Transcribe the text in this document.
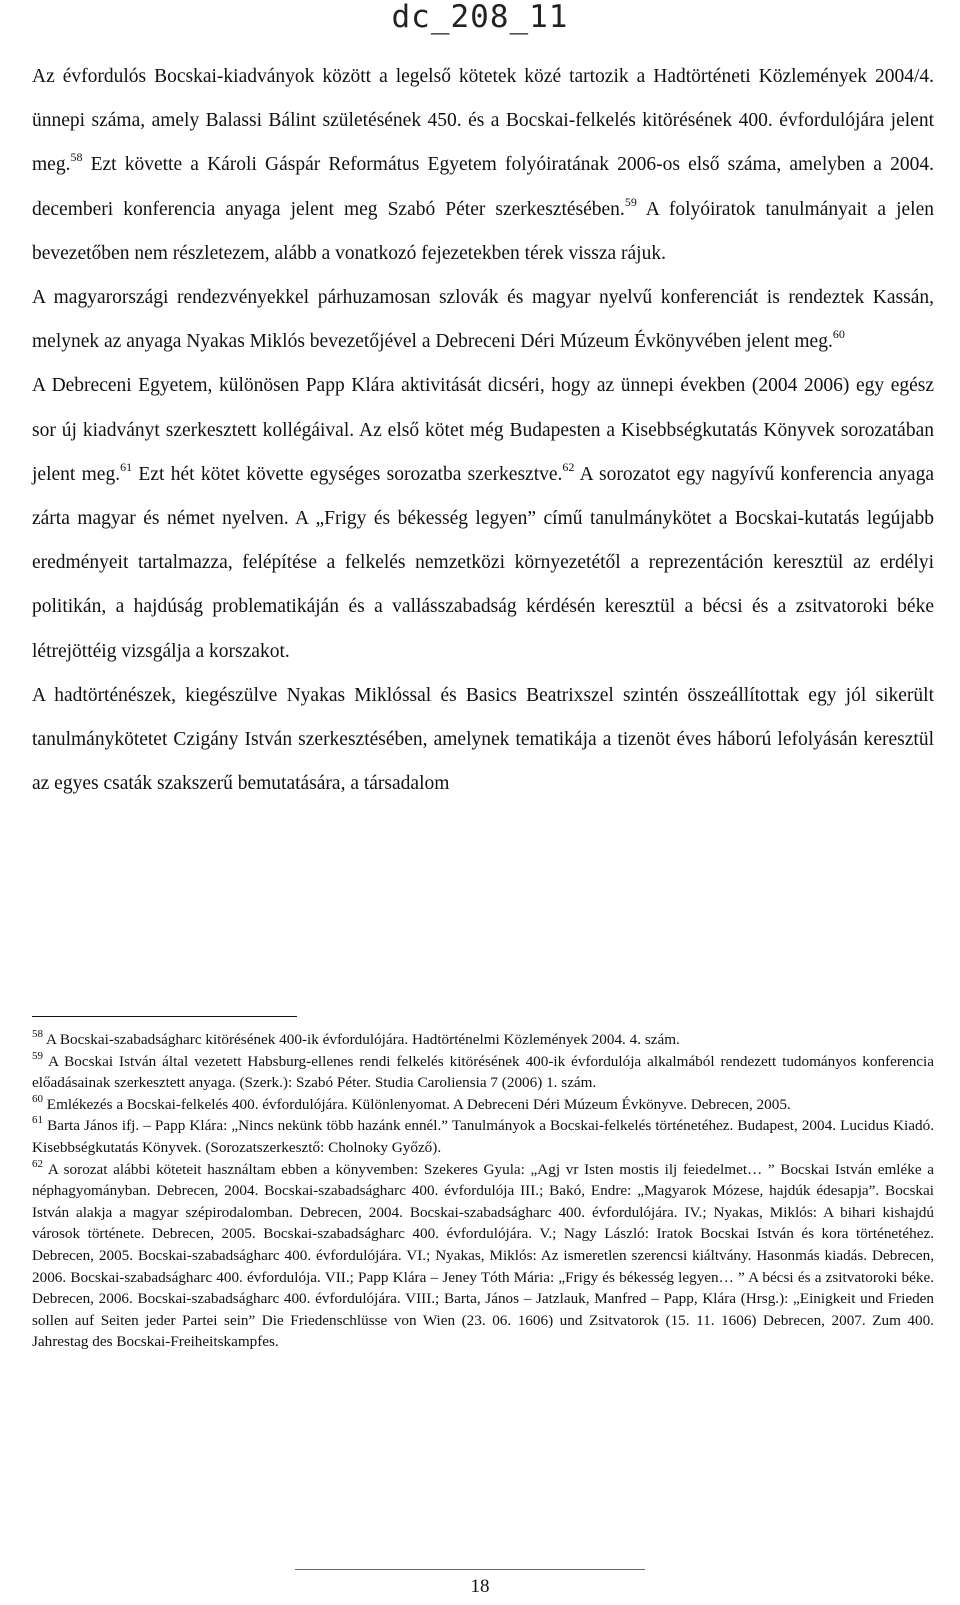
dc_208_11

Az évfordulós Bocskai-kiadványok között a legelső kötetek közé tartozik a Hadtörténeti Közlemények 2004/4. ünnepi száma, amely Balassi Bálint születésének 450. és a Bocskai-felkelés kitörésének 400. évfordulójára jelent meg.$^{58}$ Ezt követte a Károli Gáspár Református Egyetem folyóiratának 2006-os első száma, amelyben a 2004. decemberi konferencia anyaga jelent meg Szabó Péter szerkesztésében.$^{59}$ A folyóiratok tanulmányait a jelen bevezetőben nem részletezem, alább a vonatkozó fejezetekben térek vissza rájuk.

A magyarországi rendezvényekkel párhuzamosan szlovák és magyar nyelvű konferenciát is rendeztek Kassán, melynek az anyaga Nyakas Miklós bevezetőjével a Debreceni Déri Múzeum Évkönyvében jelent meg.$^{60}$

A Debreceni Egyetem, különösen Papp Klára aktivitását dicséri, hogy az ünnepi években (2004 2006) egy egész sor új kiadványt szerkesztett kollégáival. Az első kötet még Budapesten a Kisebbségkutatás Könyvek sorozatában jelent meg.$^{61}$ Ezt hét kötet követte egységes sorozatba szerkesztve.$^{62}$ A sorozatot egy nagyívű konferencia anyaga zárta magyar és német nyelven. A „Frigy és békesség legyen” című tanulmánykötet a Bocskai-kutatás legújabb eredményeit tartalmazza, felépítése a felkelés nemzetközi környezetétől a reprezentáción keresztül az erdélyi politikán, a hajdúság problematikáján és a vallásszabadság kérdésén keresztül a bécsi és a zsitvatoroki béke létrejöttéig vizsgálja a korszakot.

A hadtörténészek, kiegészülve Nyakas Miklóssal és Basics Beatrixszel szintén összeállítottak egy jól sikerült tanulmánykötetet Czigány István szerkesztésében, amelynek tematikája a tizenöt éves háború lefolyásán keresztül az egyes csaták szakszerű bemutatására, a társadalom

$^{58}$ A Bocskai-szabadságharc kitörésének 400-ik évfordulójára. Hadtörténelmi Közlemények 2004. 4. szám.

$^{59}$ A Bocskai István által vezetett Habsburg-ellenes rendi felkelés kitörésének 400-ik évfordulója alkalmából rendezett tudományos konferencia előadásainak szerkesztett anyaga. (Szerk.): Szabó Péter. Studia Caroliensia 7 (2006) 1. szám.

$^{60}$ Emlékezés a Bocskai-felkelés 400. évfordulójára. Különlenyomat. A Debreceni Déri Múzeum Évkönyve. Debrecen, 2005.

$^{61}$ Barta János ifj. – Papp Klára: „Nincs nekünk több hazánk ennél.” Tanulmányok a Bocskai-felkelés történetéhez. Budapest, 2004. Lucidus Kiadó. Kisebbségkutatás Könyvek. (Sorozatszerkesztő: Cholnoky Győző).

$^{62}$ A sorozat alábbi köteteit használtam ebben a könyvemben: Szekeres Gyula: „Agj vr Isten mostis ilj feiedelmet… ” Bocskai István emléke a néphagyományban. Debrecen, 2004. Bocskai-szabadságharc 400. évfordulója III.; Bakó, Endre: „Magyarok Mózese, hajdúk édesapja”. Bocskai István alakja a magyar szépirodalomban. Debrecen, 2004. Bocskai-szabadságharc 400. évfordulójára. IV.; Nyakas, Miklós: A bihari kishajdú városok története. Debrecen, 2005. Bocskai-szabadságharc 400. évfordulójára. V.; Nagy László: Iratok Bocskai István és kora történetéhez. Debrecen, 2005. Bocskai-szabadságharc 400. évfordulójára. VI.; Nyakas, Miklós: Az ismeretlen szerencsi kiáltvány. Hasonmás kiadás. Debrecen, 2006. Bocskai-szabadságharc 400. évfordulója. VII.; Papp Klára – Jeney Tóth Mária: „Frigy és békesség legyen… ” A bécsi és a zsitvatoroki béke. Debrecen, 2006. Bocskai-szabadságharc 400. évfordulójára. VIII.; Barta, János – Jatzlauk, Manfred – Papp, Klára (Hrsg.): „Einigkeit und Frieden sollen auf Seiten jeder Partei sein” Die Friedenschlüsse von Wien (23. 06. 1606) und Zsitvatorok (15. 11. 1606) Debrecen, 2007. Zum 400. Jahrestag des Bocskai-Freiheitskampfes.

18
